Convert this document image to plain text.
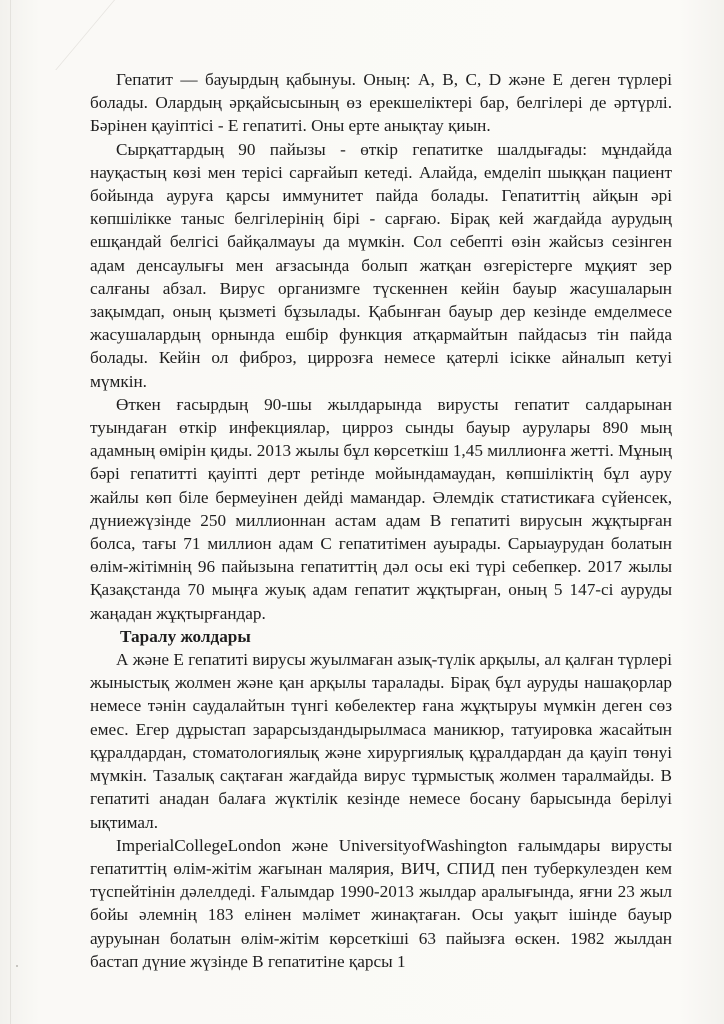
Гепатит — бауырдың қабынуы. Оның: A, B, C, D және Е деген түрлері болады. Олардың әрқайсысының өз ерекшеліктері бар, белгілері де әртүрлі. Бәрінен қауіптісі - Е гепатиті. Оны ерте анықтау қиын.

Сырқаттардың 90 пайызы - өткір гепатитке шалдығады: мұндайда науқастың көзі мен терісі сарғайып кетеді. Алайда, емделіп шыққан пациент бойында ауруға қарсы иммунитет пайда болады. Гепатиттің айқын әрі көпшілікке таныс белгілерінің бірі - сарғаю. Бірақ кей жағдайда аурудың ешқандай белгісі байқалмауы да мүмкін. Сол себепті өзін жайсыз сезінген адам денсаулығы мен ағзасында болып жатқан өзгерістерге мұқият зер салғаны абзал. Вирус организмге түскеннен кейін бауыр жасушаларын зақымдап, оның қызметі бұзылады. Қабынған бауыр дер кезінде емделмесе жасушалардың орнында ешбір функция атқармайтын пайдасыз тін пайда болады. Кейін ол фиброз, циррозға немесе қатерлі ісікке айналып кетуі мүмкін.

Өткен ғасырдың 90-шы жылдарында вирусты гепатит салдарынан туындаған өткір инфекциялар, цирроз сынды бауыр аурулары 890 мың адамның өмірін қиды. 2013 жылы бұл көрсеткіш 1,45 миллионға жетті. Мұның бәрі гепатитті қауіпті дерт ретінде мойындамаудан, көпшіліктің бұл ауру жайлы көп біле бермеуінен дейді мамандар. Әлемдік статистикаға сүйенсек, дүниежүзінде 250 миллионнан астам адам В гепатиті вирусын жұқтырған болса, тағы 71 миллион адам С гепатитімен ауырады. Сарыаурудан болатын өлім-жітімнің 96 пайызына гепатиттің дәл осы екі түрі себепкер. 2017 жылы Қазақстанда 70 мыңға жуық адам гепатит жұқтырған, оның 5 147-сі ауруды жаңадан жұқтырғандар.

Таралу жолдары

А және Е гепатиті вирусы жуылмаған азық-түлік арқылы, ал қалған түрлері жыныстық жолмен және қан арқылы таралады. Бірақ бұл ауруды нашақорлар немесе тәнін саудалайтын түнгі көбелектер ғана жұқтыруы мүмкін деген сөз емес. Егер дұрыстап зарарсыздандырылмаса маникюр, татуировка жасайтын құралдардан, стоматологиялық және хирургиялық құралдардан да қауіп төнуі мүмкін. Тазалық сақтаған жағдайда вирус тұрмыстық жолмен таралмайды. В гепатиті анадан балаға жүктілік кезінде немесе босану барысында берілуі ықтимал.

ImperialCollegeLondon және UniversityofWashington ғалымдары вирусты гепатиттің өлім-жітім жағынан малярия, ВИЧ, СПИД пен туберкулезден кем түспейтінін дәлелдеді. Ғалымдар 1990-2013 жылдар аралығында, яғни 23 жыл бойы әлемнің 183 елінен мәлімет жинақтаған. Осы уақыт ішінде бауыр ауруынан болатын өлім-жітім көрсеткіші 63 пайызға өскен. 1982 жылдан бастап дүние жүзінде В гепатитіне қарсы 1
